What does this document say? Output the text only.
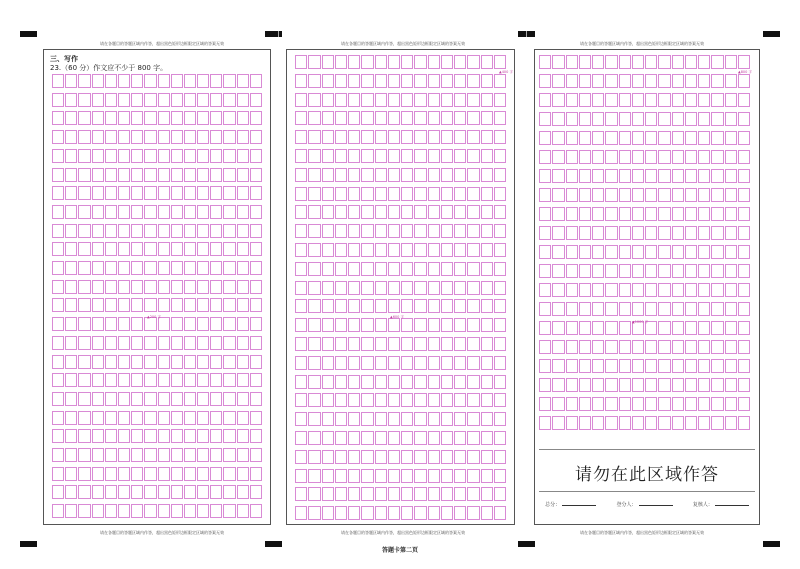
请在各题目的答题区域内作答，超出黑色矩形边框限定区域的答案无效	请在各题目的答题区域内作答，超出黑色矩形边框限定区域的答案无效	请在各题目的答题区域内作答，超出黑色矩形边框限定区域的答案无效
请在各题目的答题区域内作答，超出黑色矩形边框限定区域的答案无效	请在各题目的答题区域内作答，超出黑色矩形边框限定区域的答案无效	请在各题目的答题区域内作答，超出黑色矩形边框限定区域的答案无效
三、写作
23.（60 分）作文应不少于 800 字。
▲200 字
▲400 字
▲600 字
▲800 字
▲1000 字
请勿在此区域作答
总分：	登分人：	复核人：
答题卡第二页
